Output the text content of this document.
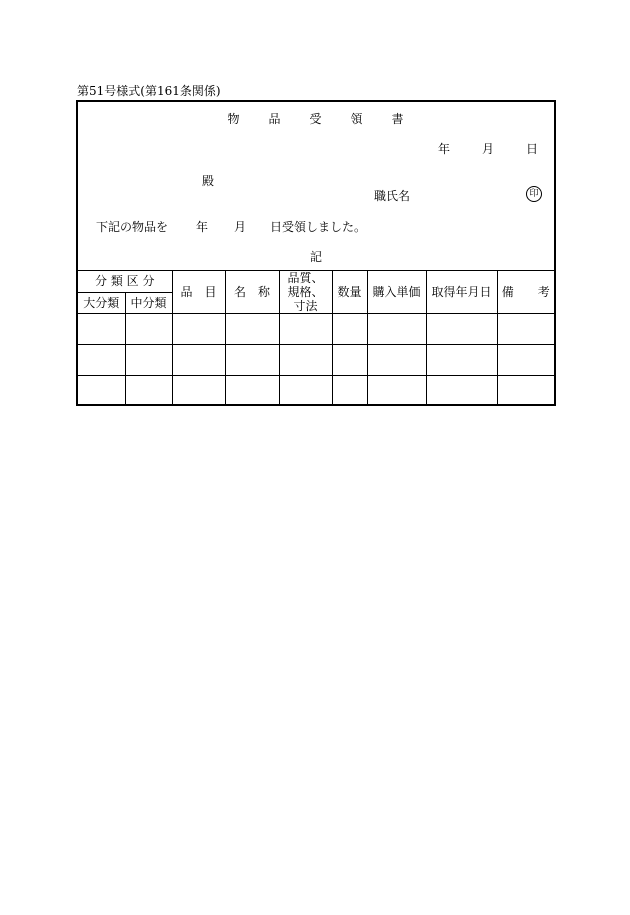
第51号様式(第161条関係)
物 品 受 領 書
年	月	日
殿
職氏名	印
下記の物品を 年 月 日受領しました。
記
分 類 区 分		品　目	名　称	品質、規格、寸法	数量	購入単価	取得年月日	備　　考
大分類	中分類							
